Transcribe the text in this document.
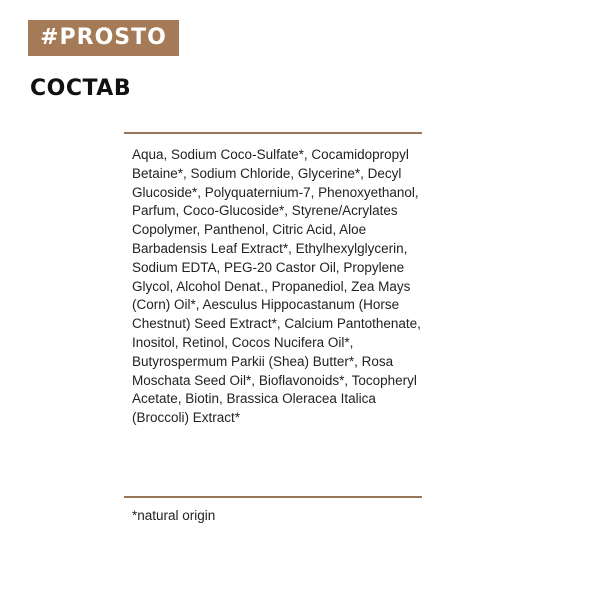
#PROSTO
COCTAB

Aqua, Sodium Coco-Sulfate*, Cocamidopropyl Betaine*, Sodium Chloride, Glycerine*, Decyl Glucoside*, Polyquaternium-7, Phenoxyethanol, Parfum, Coco-Glucoside*, Styrene/Acrylates Copolymer, Panthenol, Citric Acid, Aloe Barbadensis Leaf Extract*, Ethylhexylglycerin, Sodium EDTA, PEG-20 Castor Oil, Propylene Glycol, Alcohol Denat., Propanediol, Zea Mays (Corn) Oil*, Aesculus Hippocastanum (Horse Chestnut) Seed Extract*, Calcium Pantothenate, Inositol, Retinol, Cocos Nucifera Oil*, Butyrospermum Parkii (Shea) Butter*, Rosa Moschata Seed Oil*, Bioflavonoids*, Tocopheryl Acetate, Biotin, Brassica Oleracea Italica (Broccoli) Extract*

*natural origin
